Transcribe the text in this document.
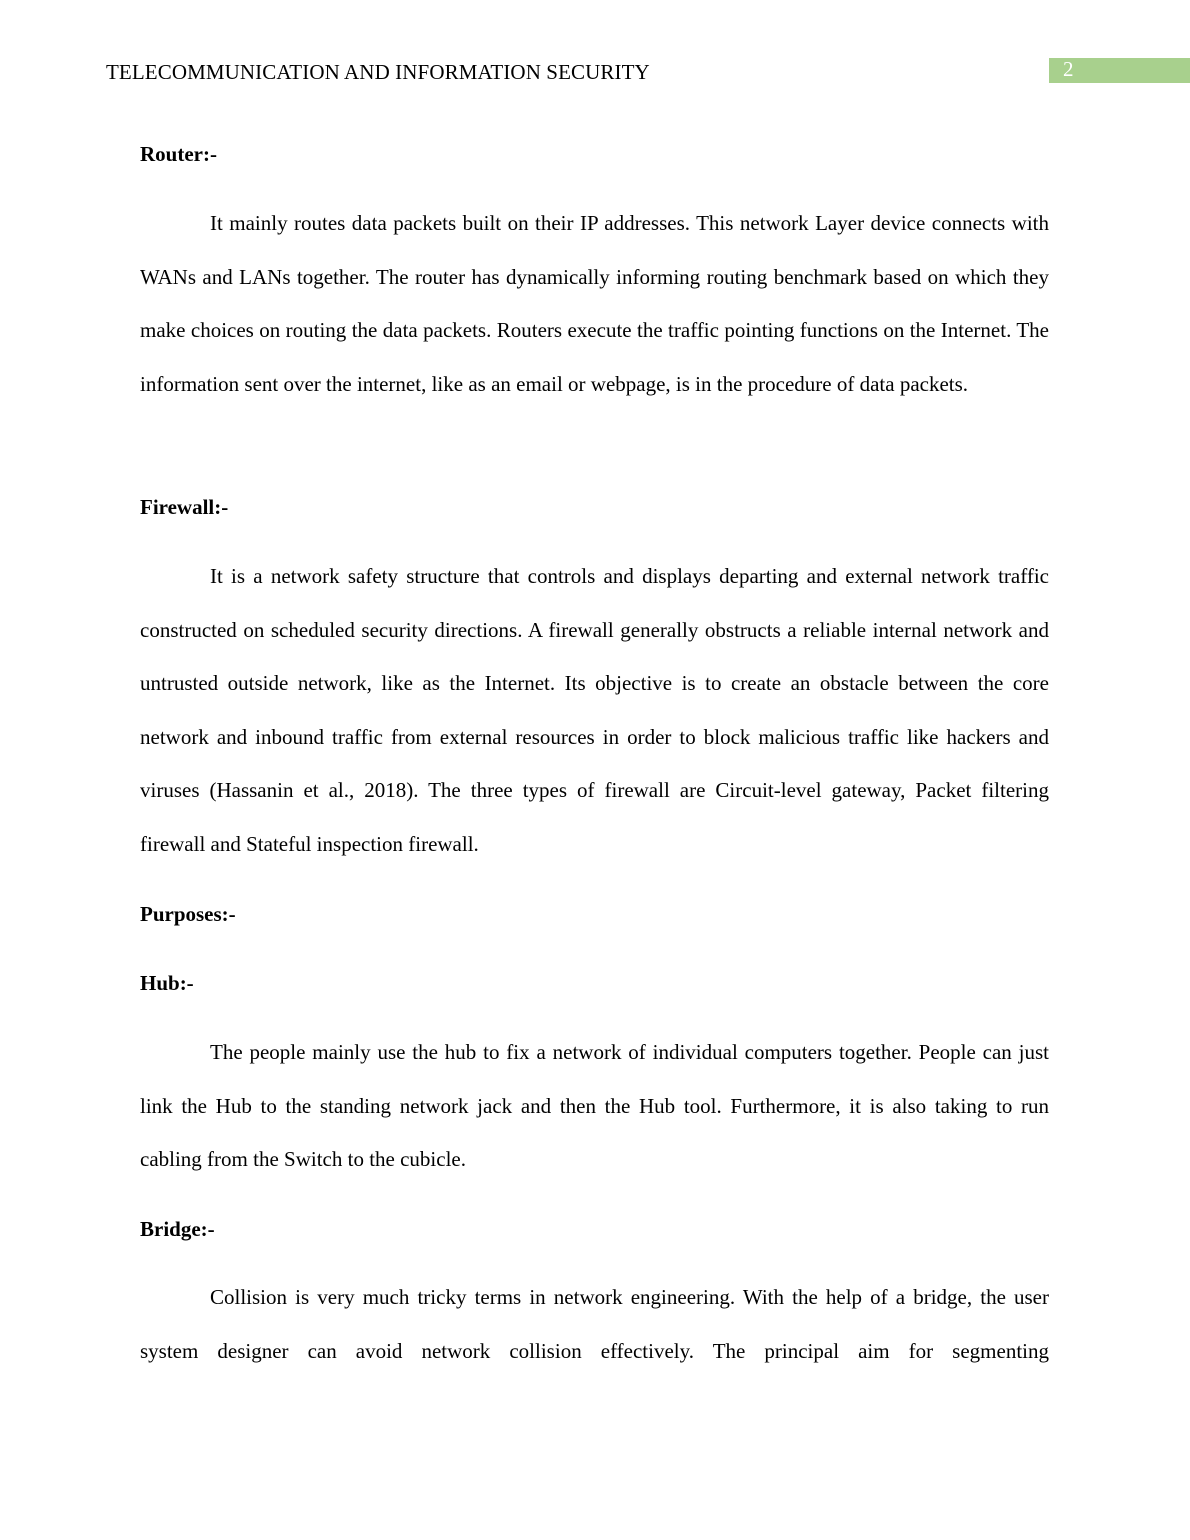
TELECOMMUNICATION AND INFORMATION SECURITY	2
Router:-

It mainly routes data packets built on their IP addresses. This network Layer device connects with WANs and LANs together. The router has dynamically informing routing benchmark based on which they make choices on routing the data packets. Routers execute the traffic pointing functions on the Internet. The information sent over the internet, like as an email or webpage, is in the procedure of data packets.

Firewall:-

It is a network safety structure that controls and displays departing and external network traffic constructed on scheduled security directions. A firewall generally obstructs a reliable internal network and untrusted outside network, like as the Internet. Its objective is to create an obstacle between the core network and inbound traffic from external resources in order to block malicious traffic like hackers and viruses (Hassanin et al., 2018). The three types of firewall are Circuit-level gateway, Packet filtering firewall and Stateful inspection firewall.

Purposes:-
Hub:-

The people mainly use the hub to fix a network of individual computers together. People can just link the Hub to the standing network jack and then the Hub tool. Furthermore, it is also taking to run cabling from the Switch to the cubicle.

Bridge:-

Collision is very much tricky terms in network engineering. With the help of a bridge, the user system designer can avoid network collision effectively. The principal aim for segmenting
